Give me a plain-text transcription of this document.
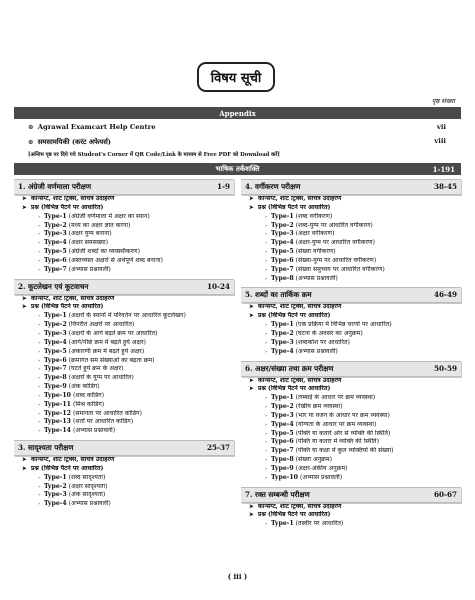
विषय सूची
पृष्ठ संख्या
Appendix
⊛ Agrawal Examcart Help Centre	vii
⊛ समसामयिकी (करंट अफेयर्स)	viii
[अन्तिम पृष्ठ पर दिये गये Student's Corner में QR Code/Link के माध्यम से Free PDF को Download करें]
भाषिक तर्कशक्ति	1-191
1. अंग्रेजी वर्णमाला परीक्षण	1-9
➤ कॉन्सेप्ट, शॉर्ट ट्रिक्स, सचित्र उदाहरण
➤ प्रश्न (विभिन्न पैटर्न पर आधारित)
› Type-1 (अंग्रेजी वर्णमाला में अक्षर का स्थान)
› Type-2 (मध्य का अक्षर ज्ञात करना)
› Type-3 (अक्षर युग्म बनाना)
› Type-4 (अक्षर समसख्या)
› Type-5 (अंग्रेजी शब्दों का व्यवस्थीकरण)
› Type-6 (अस्तव्यस्त अक्षरों से अर्थपूर्ण शब्द बनाना)
› Type-7 (अभ्यास प्रश्नावली)
2. कूटलेखन एवं कूटवाचन	10-24
➤ कॉन्सेप्ट, शॉर्ट ट्रिक्स, सचित्र उदाहरण
➤ प्रश्न (विभिन्न पैटर्न पर आधारित)
› Type-1 (अक्षरों के स्थानों में परिवर्तन पर आधारित कूटलेखन)
› Type-2 (विपरीत अक्षरों पर आधारित)
› Type-3 (अक्षरों के आगे बढ़ते क्रम पर आधारित)
› Type-4 (आगे/पीछे क्रम में बढ़ते हुये अक्षर)
› Type-5 (अकारणी क्रम में बढ़ते हुये अक्षर)
› Type-6 (क्रमागत सम संख्याओं का बढ़ता क्रम)
› Type-7 (घटते हुये क्रम के अक्षर)
› Type-8 (अक्षरों के युग्म पर आधारित)
› Type-9 (अंक कोडिंग)
› Type-10 (शब्द कोडिंग)
› Type-11 (मिश्र कोडिंग)
› Type-12 (समानता पर आधारित कोडिंग)
› Type-13 (शर्तों पर आधारित कोडिंग)
› Type-14 (अभ्यास प्रश्नावली)
3. सादृश्यता परीक्षण	25-37
➤ कॉन्सेप्ट, शॉर्ट ट्रिक्स, सचित्र उदाहरण
➤ प्रश्न (विभिन्न पैटर्न पर आधारित)
› Type-1 (शब्द सादृश्यता)
› Type-2 (अक्षर सादृश्यता)
› Type-3 (अंक सादृश्यता)
› Type-4 (अभ्यास प्रश्नावली)
4. वर्गीकरण परीक्षण	38-45
➤ कॉन्सेप्ट, शॉर्ट ट्रिक्स, सचित्र उदाहरण
➤ प्रश्न (विभिन्न पैटर्न पर आधारित)
› Type-1 (शब्द वर्गीकरण)
› Type-2 (शब्द-युग्म पर आधारित वर्गीकरण)
› Type-3 (अक्षर वर्गीकरण)
› Type-4 (अक्षर-युग्म पर आधारित वर्गीकरण)
› Type-5 (संख्या वर्गीकरण)
› Type-6 (संख्या-युग्म पर आधारित वर्गीकरण)
› Type-7 (संख्या समुच्चय पर आधारित वर्गीकरण)
› Type-8 (अभ्यास प्रश्नावली)
5. शब्दों का तार्किक क्रम	46-49
➤ कॉन्सेप्ट, शॉर्ट ट्रिक्स, सचित्र उदाहरण
➤ प्रश्न (विभिन्न पैटर्न पर आधारित)
› Type-1 (एक प्रक्रिया में विभिन्न चरणों पर आधारित)
› Type-2 (घटना के अवसर का अनुक्रम)
› Type-3 (शब्दकोश पर आधारित)
› Type-4 (अभ्यास प्रश्नावली)
6. अक्षर/संख्या तथा क्रम परीक्षण	50-59
➤ कॉन्सेप्ट, शॉर्ट ट्रिक्स, सचित्र उदाहरण
➤ प्रश्न (विभिन्न पैटर्न पर आधारित)
› Type-1 (लम्बाई के आधार पर क्रम व्यवस्था)
› Type-2 (रेखीय क्रम व्यवस्था)
› Type-3 (भार या वजन के आधार पर क्रम व्यवस्था)
› Type-4 (योग्यता के आधार पर क्रम व्यवस्था)
› Type-5 (पंक्ति या कतारें ओर से व्यक्ति की स्थिति)
› Type-6 (पंक्ति या कतार में व्यक्ति की स्थिति)
› Type-7 (पंक्ति या कक्षा में कुल व्यक्तियों की संख्या)
› Type-8 (संख्या अनुक्रम)
› Type-9 (अक्षर-अंकीय अनुक्रम)
› Type-10 (अभ्यास प्रश्नावली)
7. रक्त सम्बन्धी परीक्षण	60-67
➤ कॉन्सेप्ट, शॉर्ट ट्रिक्स, सचित्र उदाहरण
➤ प्रश्न (विभिन्न पैटर्न पर आधारित)
› Type-1 (तस्वीर पर आधारित)
( iii )
